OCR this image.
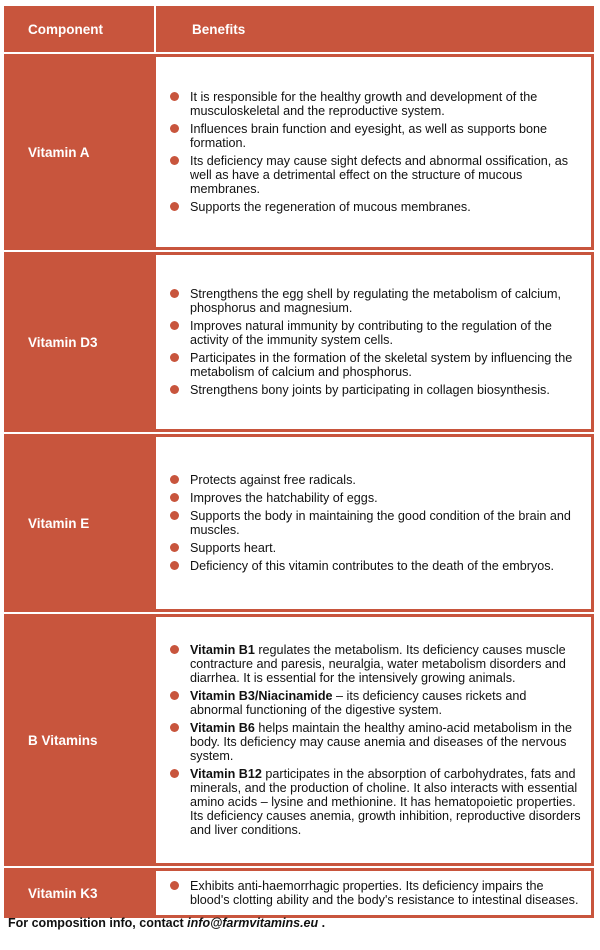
Component	Benefits
Vitamin A
It is responsible for the healthy growth and development of the musculoskeletal and the reproductive system.
Influences brain function and eyesight, as well as supports bone formation.
Its deficiency may cause sight defects and abnormal ossification, as well as have a detrimental effect on the structure of mucous membranes.
Supports the regeneration of mucous membranes.
Vitamin D3
Strengthens the egg shell by regulating the metabolism of calcium, phosphorus and magnesium.
Improves natural immunity by contributing to the regulation of the activity of the immunity system cells.
Participates in the formation of the skeletal system by influencing the metabolism of calcium and phosphorus.
Strengthens bony joints by participating in collagen biosynthesis.
Vitamin E
Protects against free radicals.
Improves the hatchability of eggs.
Supports the body in maintaining the good condition of the brain and muscles.
Supports heart.
Deficiency of this vitamin contributes to the death of the embryos.
B Vitamins
Vitamin B1 regulates the metabolism. Its deficiency causes muscle contracture and paresis, neuralgia, water metabolism disorders and diarrhea. It is essential for the intensively growing animals.
Vitamin B3/Niacinamide – its deficiency causes rickets and abnormal functioning of the digestive system.
Vitamin B6 helps maintain the healthy amino-acid metabolism in the body. Its deficiency may cause anemia and diseases of the nervous system.
Vitamin B12 participates in the absorption of carbohydrates, fats and minerals, and the production of choline. It also interacts with essential amino acids – lysine and methionine. It has hematopoietic properties. Its deficiency causes anemia, growth inhibition, reproductive disorders and liver conditions.
Vitamin K3	Exhibits anti-haemorrhagic properties. Its deficiency impairs the blood's clotting ability and the body's resistance to intestinal diseases.
For composition info, contact info@farmvitamins.eu .
